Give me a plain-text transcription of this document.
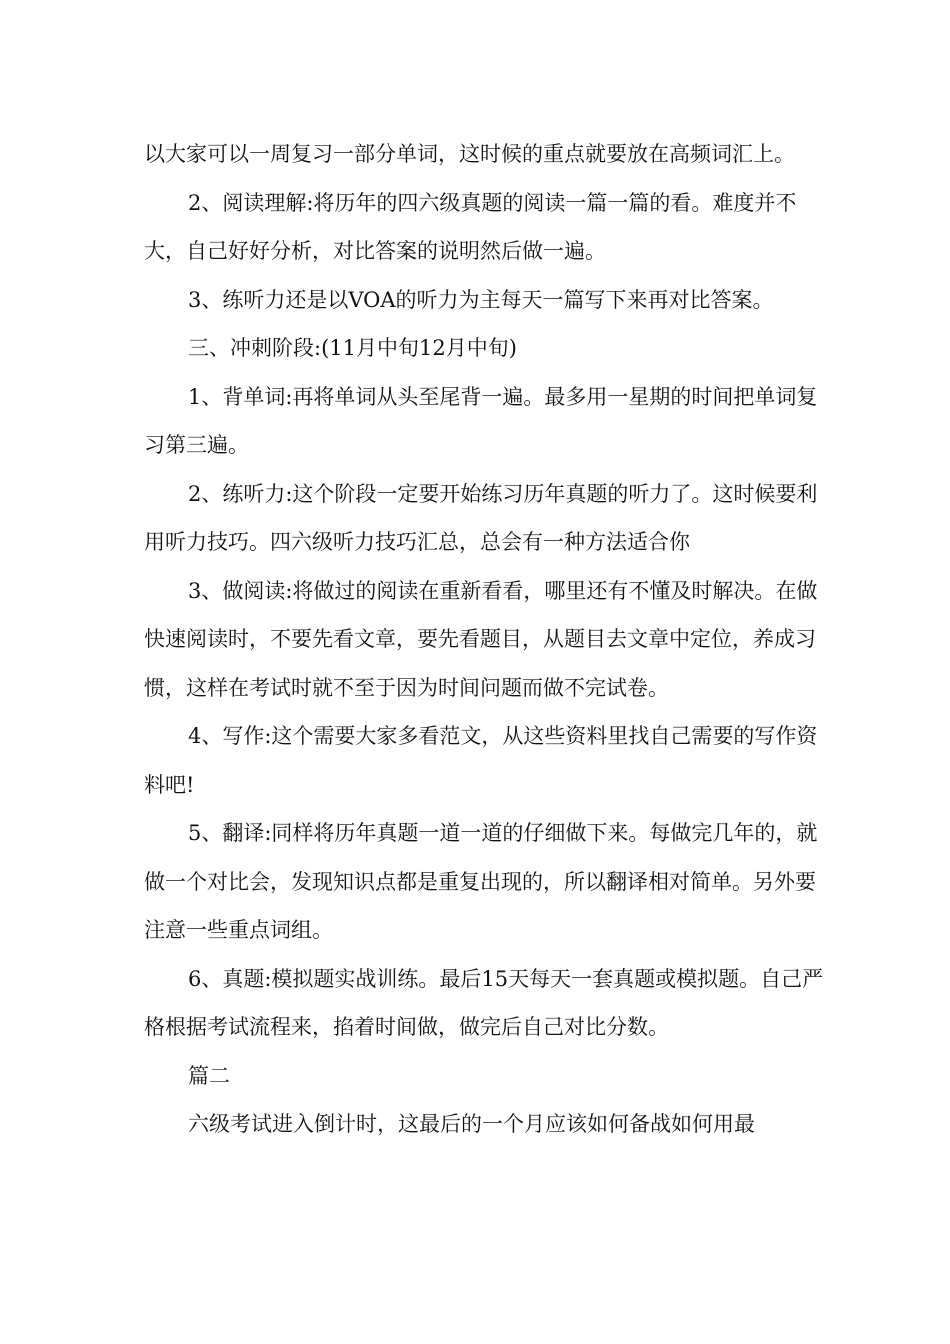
以大家可以一周复习一部分单词，这时候的重点就要放在高频词汇上。

2、阅读理解:将历年的四六级真题的阅读一篇一篇的看。难度并不大，自己好好分析，对比答案的说明然后做一遍。

3、练听力还是以VOA的听力为主每天一篇写下来再对比答案。

三、冲刺阶段:(11月中旬12月中旬)

1、背单词:再将单词从头至尾背一遍。最多用一星期的时间把单词复习第三遍。

2、练听力:这个阶段一定要开始练习历年真题的听力了。这时候要利用听力技巧。四六级听力技巧汇总，总会有一种方法适合你

3、做阅读:将做过的阅读在重新看看，哪里还有不懂及时解决。在做快速阅读时，不要先看文章，要先看题目，从题目去文章中定位，养成习惯，这样在考试时就不至于因为时间问题而做不完试卷。

4、写作:这个需要大家多看范文，从这些资料里找自己需要的写作资料吧!

5、翻译:同样将历年真题一道一道的仔细做下来。每做完几年的，就做一个对比会，发现知识点都是重复出现的，所以翻译相对简单。另外要注意一些重点词组。

6、真题:模拟题实战训练。最后15天每天一套真题或模拟题。自己严格根据考试流程来，掐着时间做，做完后自己对比分数。

篇二

六级考试进入倒计时，这最后的一个月应该如何备战如何用最
